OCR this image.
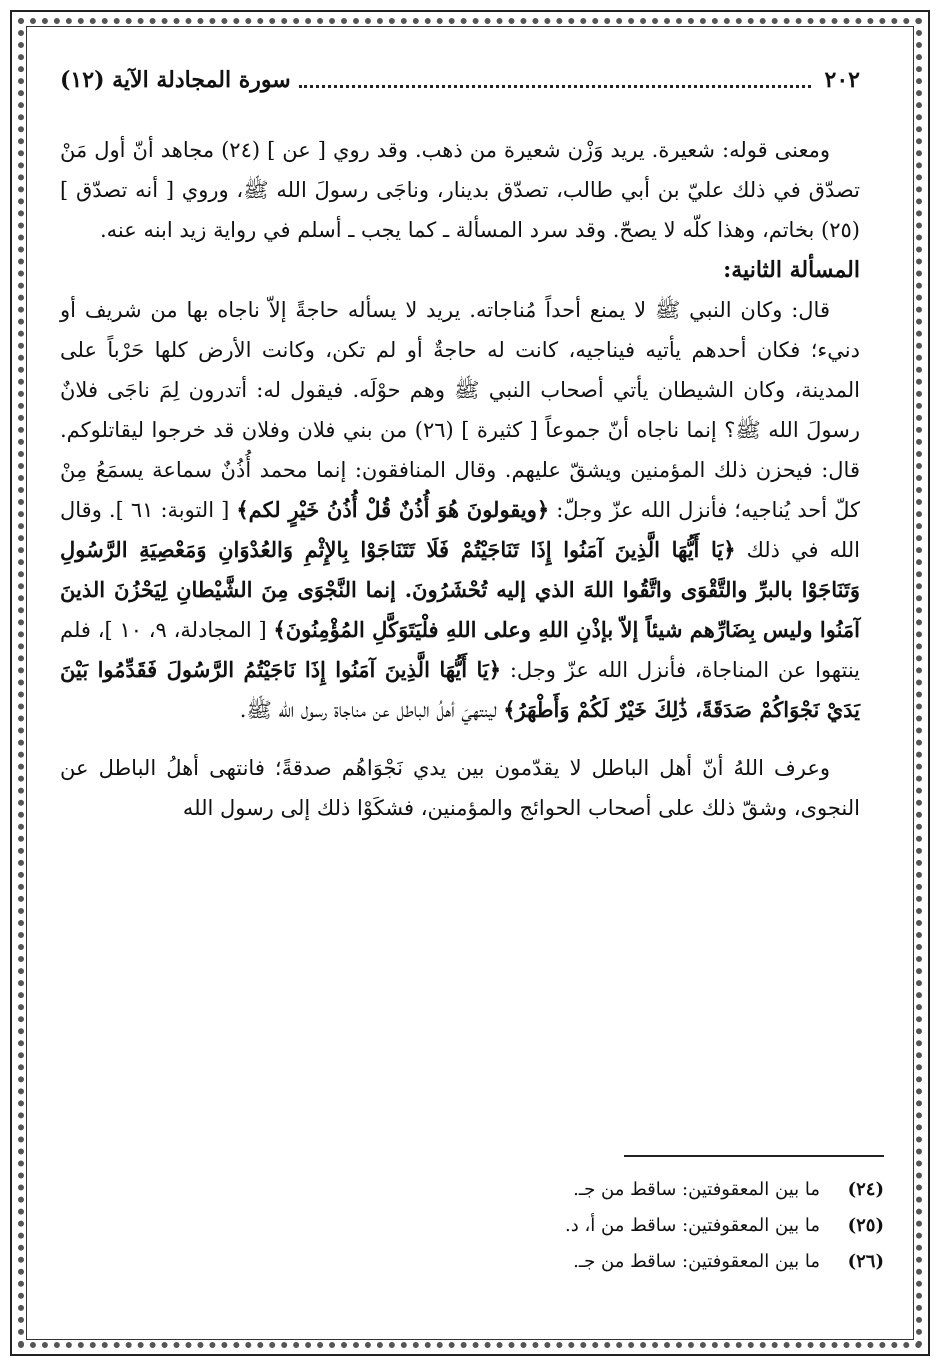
٢٠٢
سورة المجادلة الآية (١٢)

ومعنى قوله: شعيرة. يريد وَزْن شعيرة من ذهب. وقد روي [ عن ] (٢٤) مجاهد أنّ أول مَنْ تصدّق في ذلك عليّ بن أبي طالب، تصدّق بدينار، وناجَى رسولَ الله ﷺ، وروي [ أنه تصدّق ] (٢٥) بخاتم، وهذا كلّه لا يصحّ. وقد سرد المسألة ـ كما يجب ـ أسلم في رواية زيد ابنه عنه.

المسألة الثانية:

قال: وكان النبي ﷺ لا يمنع أحداً مُناجاته. يريد لا يسأله حاجةً إلاّ ناجاه بها من شريف أو دنيء؛ فكان أحدهم يأتيه فيناجيه، كانت له حاجةٌ أو لم تكن، وكانت الأرض كلها حَرْباً على المدينة، وكان الشيطان يأتي أصحاب النبي ﷺ وهم حوْلَه. فيقول له: أتدرون لِمَ ناجَى فلانٌ رسولَ الله ﷺ؟ إنما ناجاه أنّ جموعاً [ كثيرة ] (٢٦) من بني فلان وفلان قد خرجوا ليقاتلوكم. قال: فيحزن ذلك المؤمنين ويشقّ عليهم. وقال المنافقون: إنما محمد أُذُنٌ سماعة يسمَعُ مِنْ كلّ أحد يُناجيه؛ فأنزل الله عزّ وجلّ: ﴿ويقولونَ هُوَ أُذُنٌ قُلْ أُذُنُ خَيْرٍ لكم﴾ [ التوبة: ٦١ ]. وقال الله في ذلك ﴿يَا أَيُّهَا الَّذِينَ آمَنُوا إِذَا تَنَاجَيْتُمْ فَلَا تَتَنَاجَوْا بِالإِثْمِ وَالعُدْوَانِ وَمَعْصِيَةِ الرَّسُولِ وَتَنَاجَوْا بالبرِّ والتَّقْوَى واتَّقُوا اللهَ الذي إليه تُحْشَرُونَ. إنما النَّجْوَى مِنَ الشَّيْطانِ لِيَحْزُنَ الذينَ آمَنُوا وليس بِضَارِّهم شيئاً إلاّ بإذْنِ اللهِ وعلى اللهِ فلْيَتَوَكَّلِ المُؤْمِنُونَ﴾ [ المجادلة، ٩، ١٠ ]، فلم ينتهوا عن المناجاة، فأنزل الله عزّ وجل: ﴿يَا أَيُّهَا الَّذِينَ آمَنُوا إِذَا نَاجَيْتُمُ الرَّسُولَ فَقَدِّمُوا بَيْنَ يَدَيْ نَجْوَاكُمْ صَدَقَةً، ذَٰلِكَ خَيْرٌ لَكُمْ وَأَطْهَرُ﴾ لينتهيَ أهلُ الباطل عن مناجاة رسول الله ﷺ.

وعرف اللهُ أنّ أهل الباطل لا يقدّمون بين يدي نَجْوَاهُم صدقةً؛ فانتهى أهلُ الباطل عن النجوى، وشقّ ذلك على أصحاب الحوائج والمؤمنين، فشكَوْا ذلك إلى رسول الله

(٢٤)
ما بين المعقوفتين: ساقط من جـ.
(٢٥)
ما بين المعقوفتين: ساقط من أ، د.
(٢٦)
ما بين المعقوفتين: ساقط من جـ.
